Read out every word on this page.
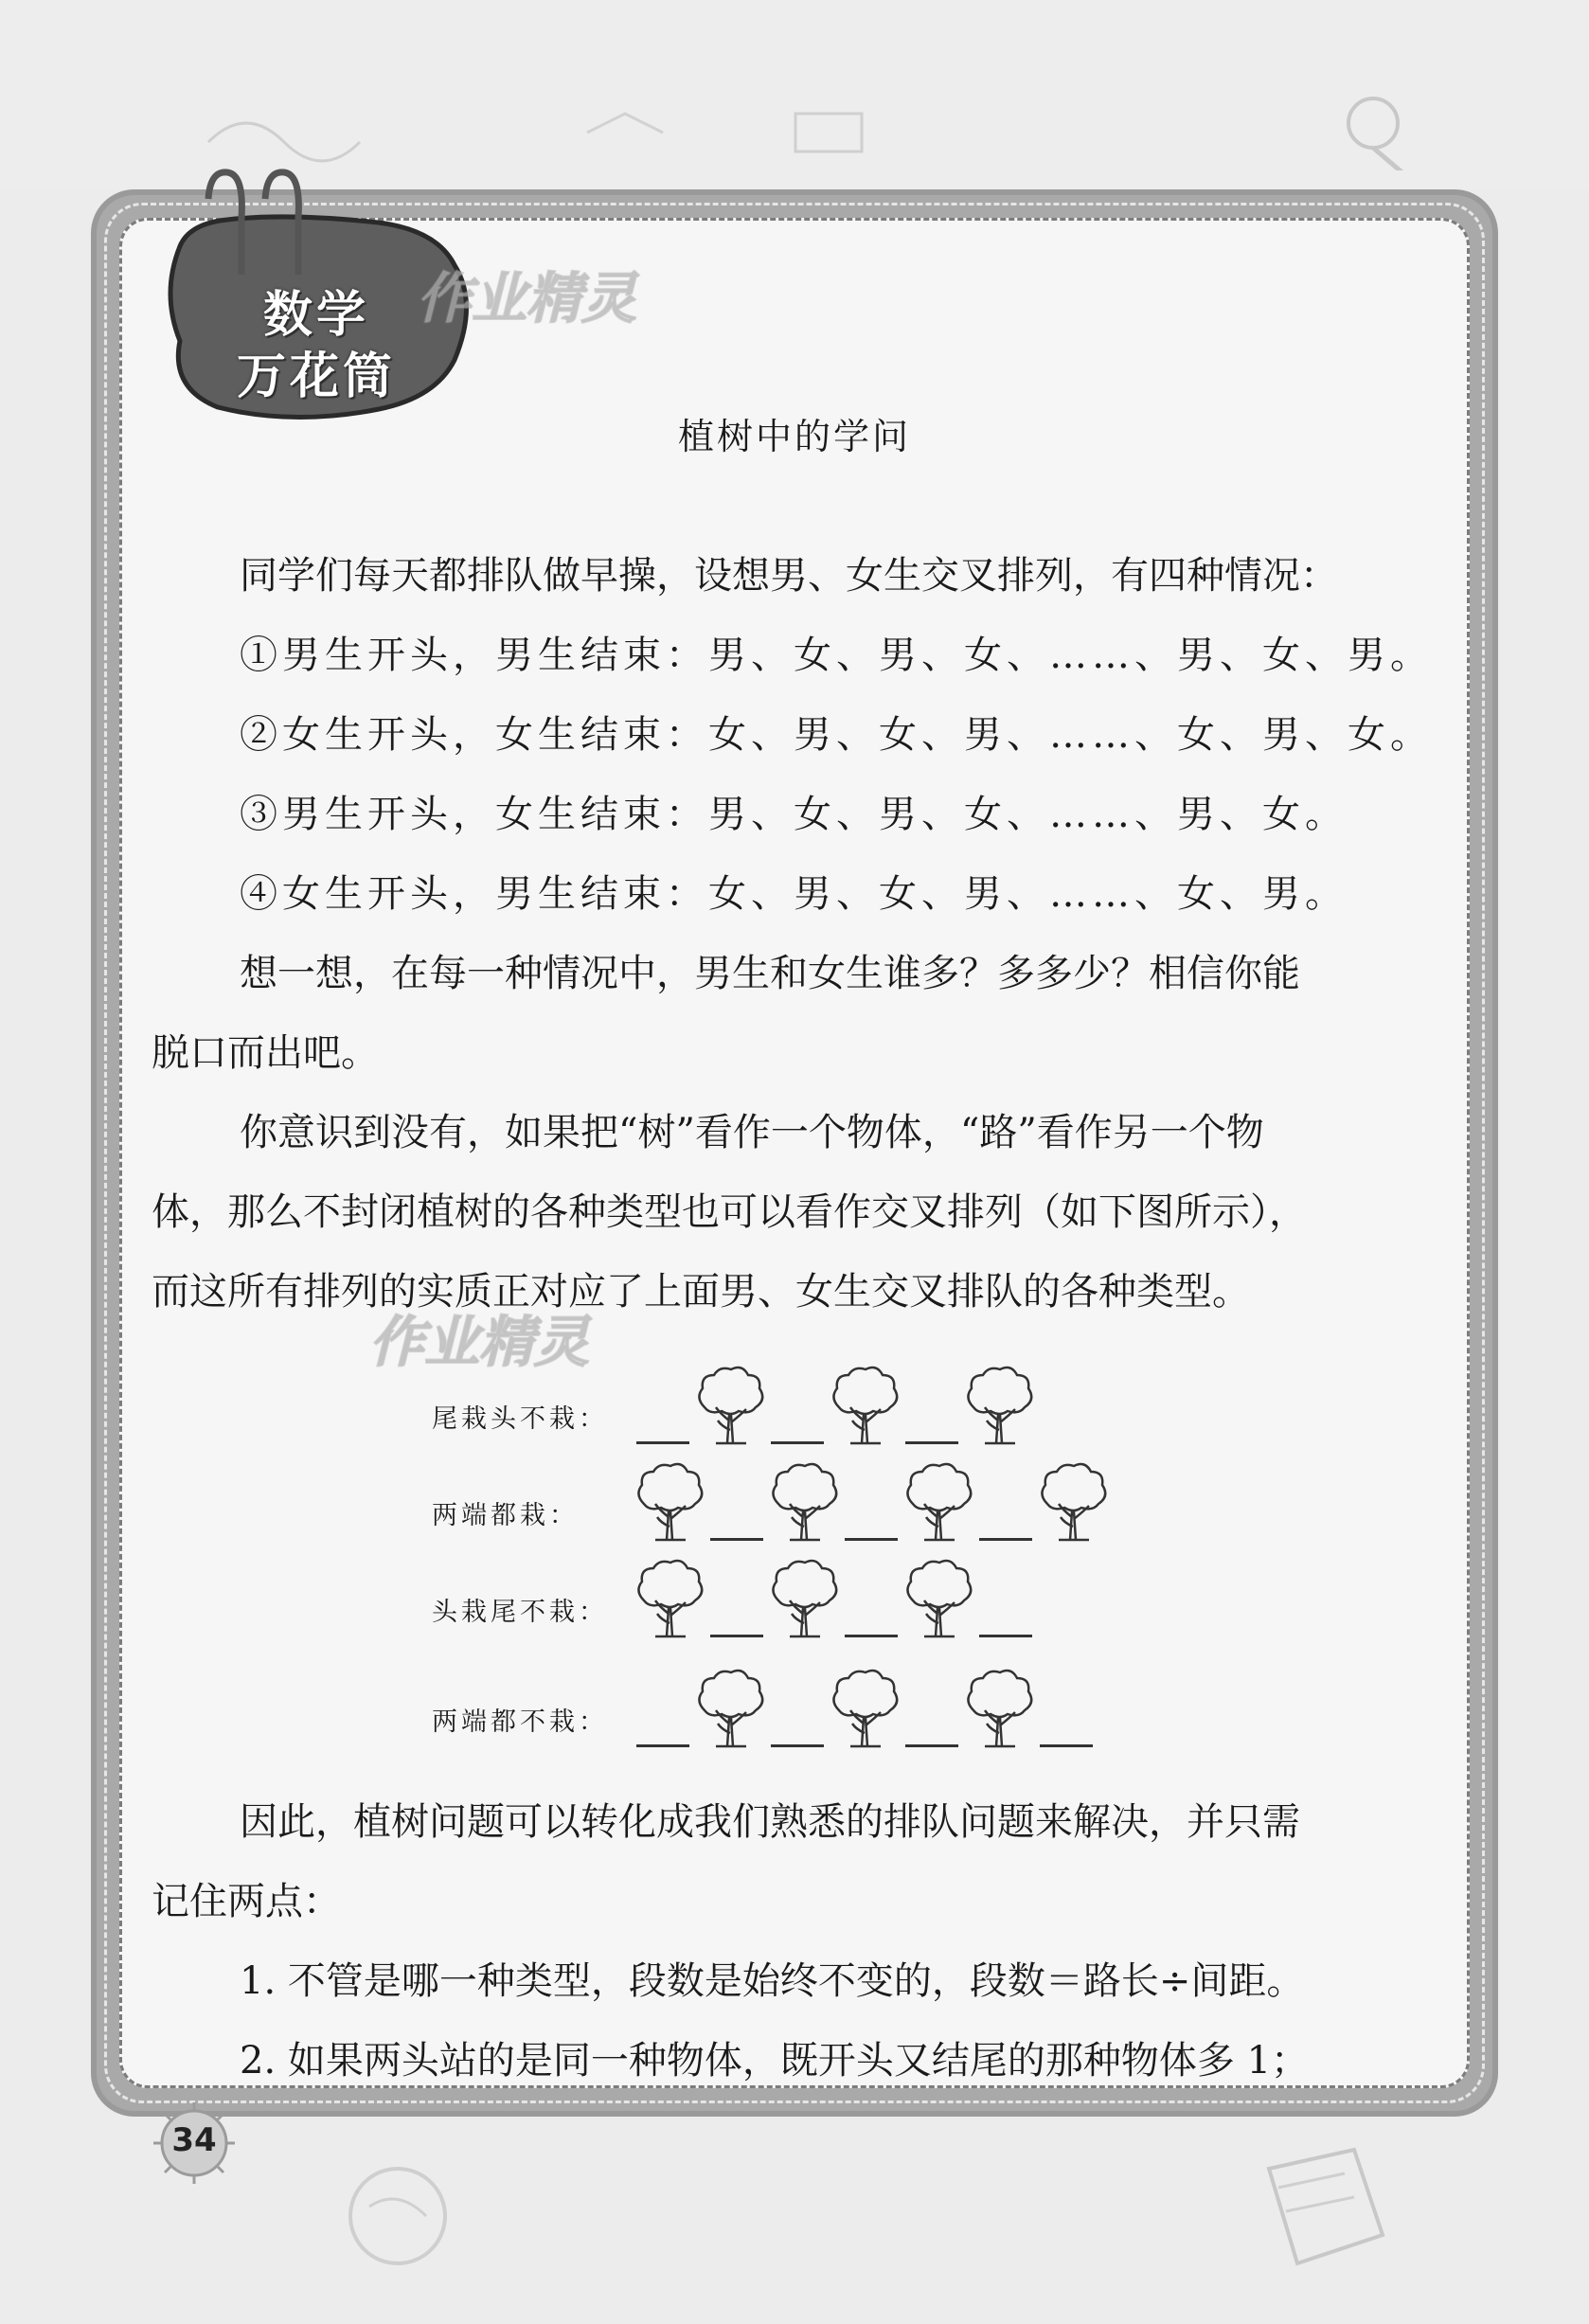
数学
万花筒
作业精灵
作业精灵
植树中的学问
同学们每天都排队做早操，设想男、女生交叉排列，有四种情况：
①男生开头，男生结束：男、女、男、女、……、男、女、男。
②女生开头，女生结束：女、男、女、男、……、女、男、女。
③男生开头，女生结束：男、女、男、女、……、男、女。
④女生开头，男生结束：女、男、女、男、……、女、男。
想一想，在每一种情况中，男生和女生谁多？多多少？相信你能
脱口而出吧。
你意识到没有，如果把“树”看作一个物体，“路”看作另一个物
体，那么不封闭植树的各种类型也可以看作交叉排列（如下图所示），
而这所有排列的实质正对应了上面男、女生交叉排队的各种类型。
尾栽头不栽：
两端都栽：
头栽尾不栽：
两端都不栽：
因此，植树问题可以转化成我们熟悉的排队问题来解决，并只需
记住两点：
1. 不管是哪一种类型，段数是始终不变的，段数＝路长÷间距。
2. 如果两头站的是同一种物体，既开头又结尾的那种物体多 1；
34
